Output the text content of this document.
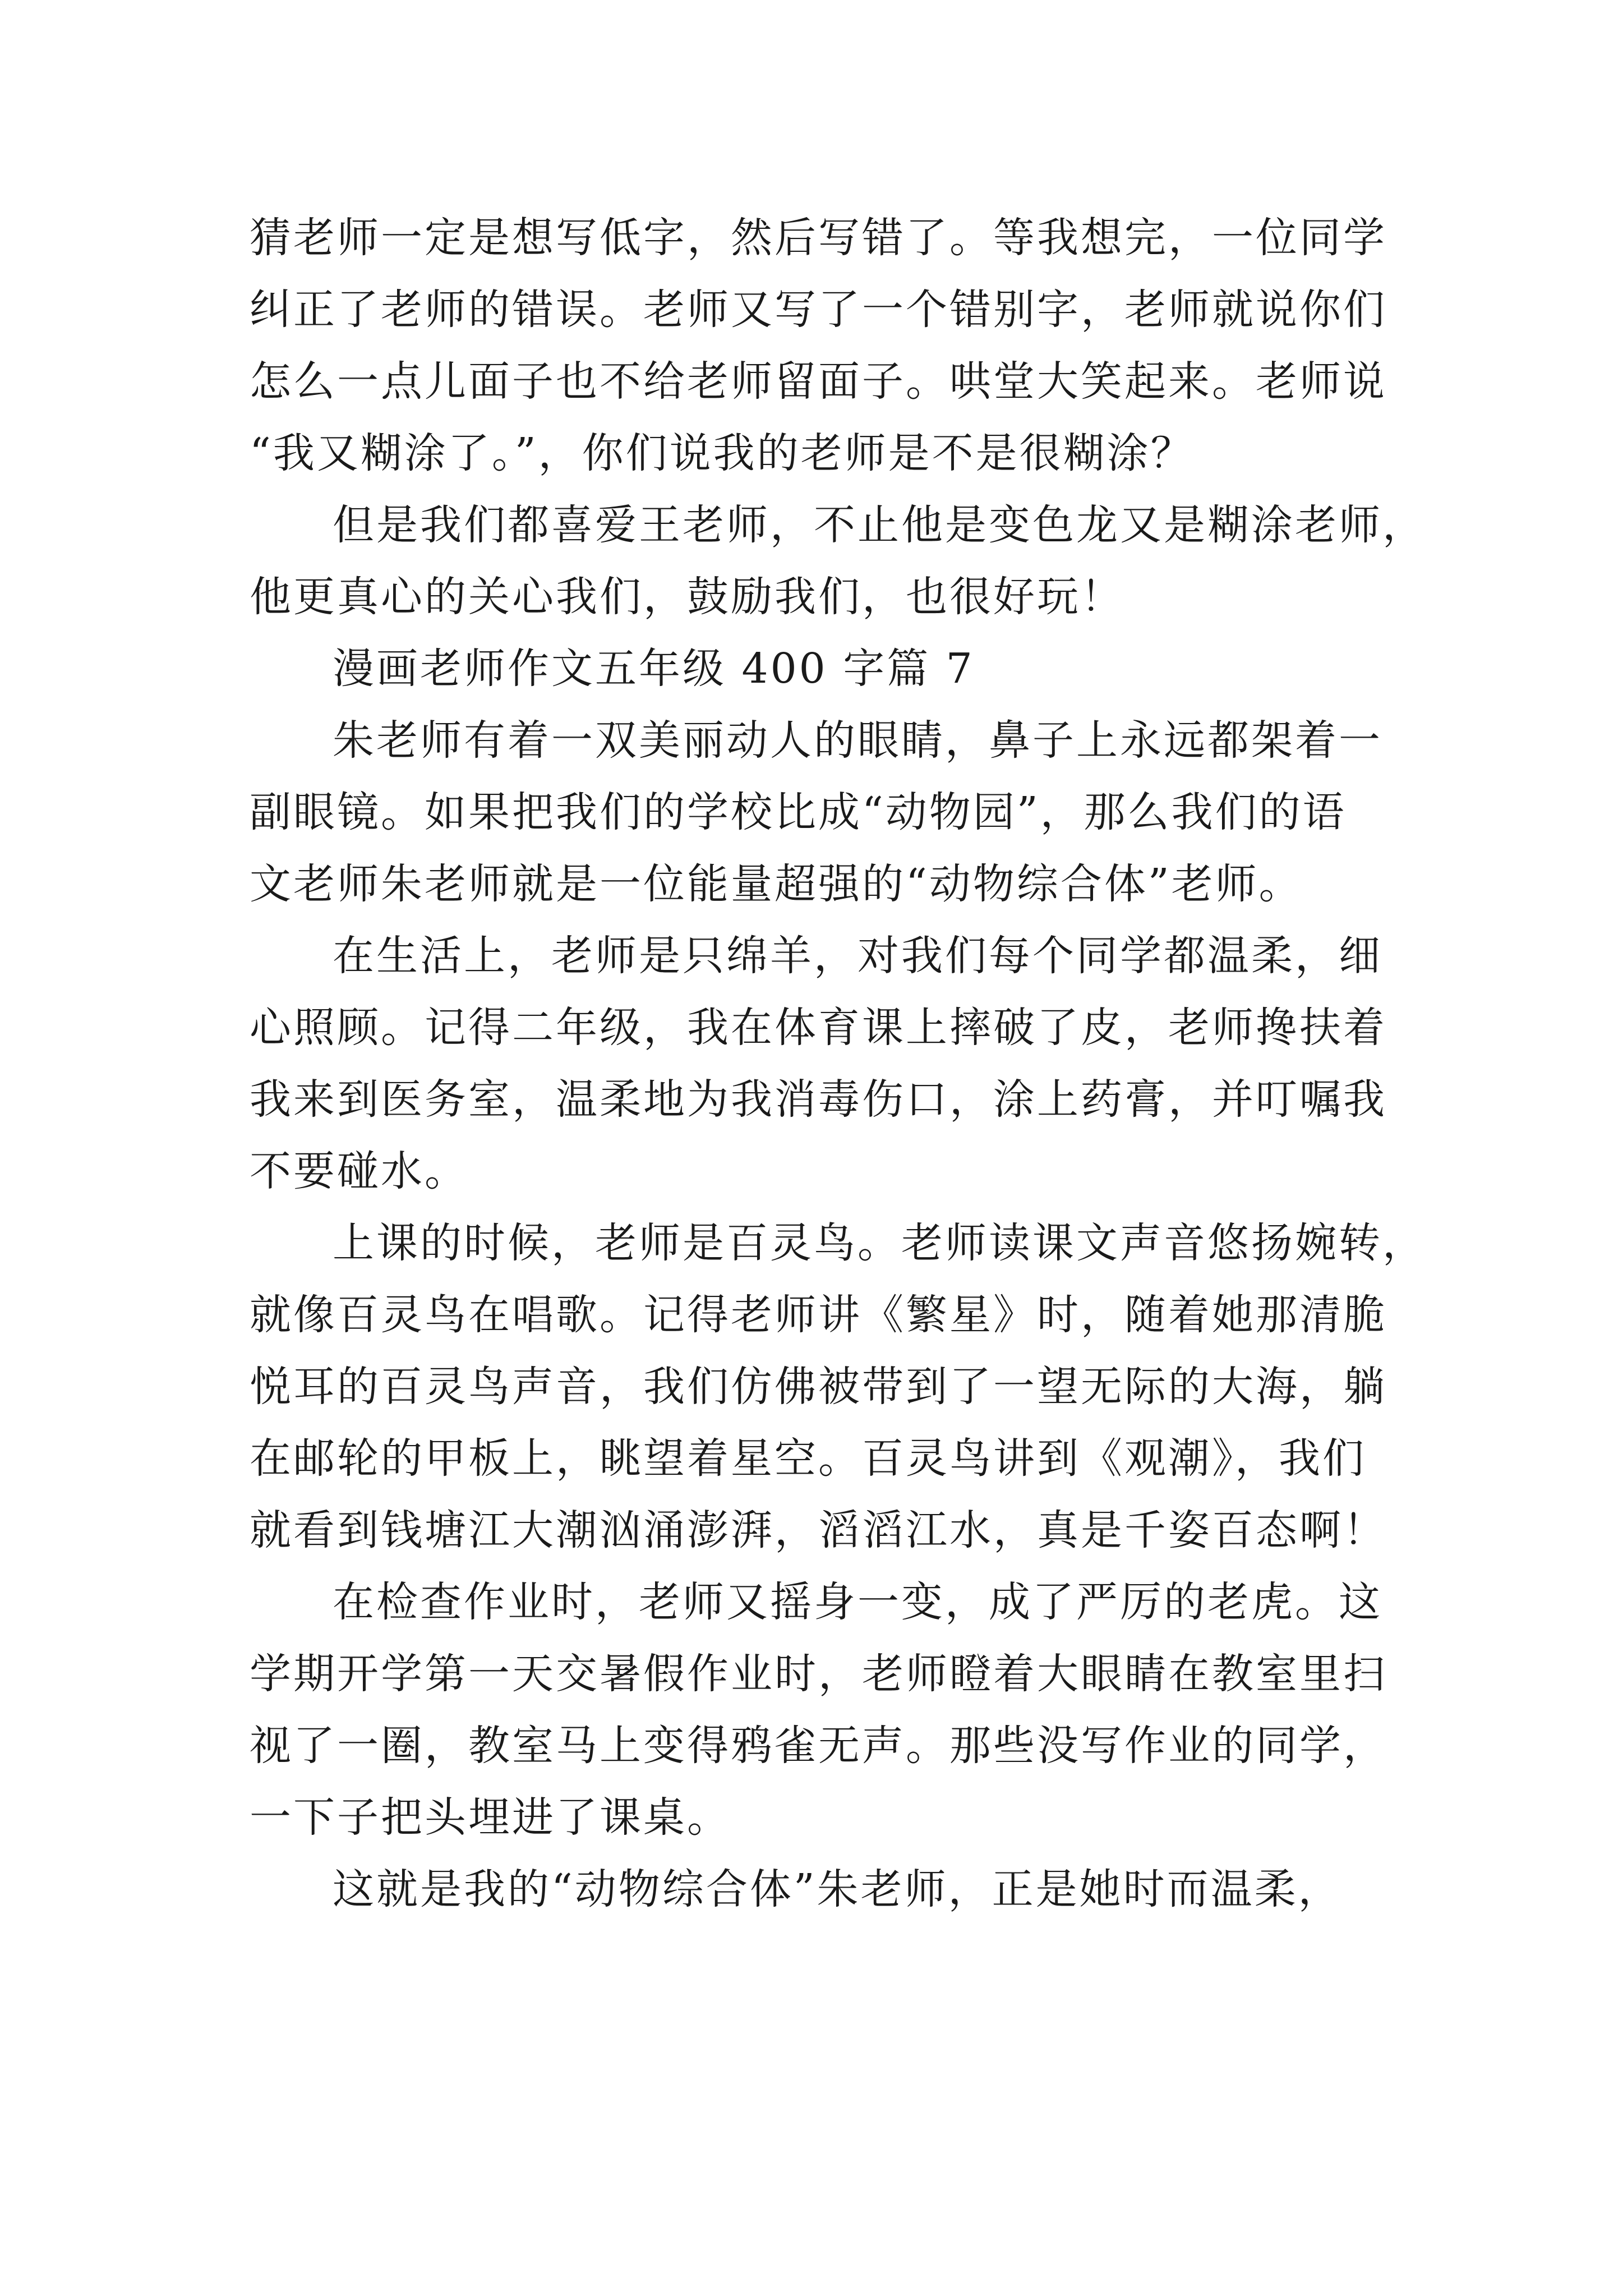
猜老师一定是想写低字，然后写错了。等我想完，一位同学
纠正了老师的错误。老师又写了一个错别字，老师就说你们
怎么一点儿面子也不给老师留面子。哄堂大笑起来。老师说
“我又糊涂了。”，你们说我的老师是不是很糊涂？
但是我们都喜爱王老师，不止他是变色龙又是糊涂老师，
他更真心的关心我们，鼓励我们，也很好玩！
漫画老师作文五年级 400 字篇 7
朱老师有着一双美丽动人的眼睛，鼻子上永远都架着一
副眼镜。如果把我们的学校比成“动物园”，那么我们的语
文老师朱老师就是一位能量超强的“动物综合体”老师。
在生活上，老师是只绵羊，对我们每个同学都温柔，细
心照顾。记得二年级，我在体育课上摔破了皮，老师搀扶着
我来到医务室，温柔地为我消毒伤口，涂上药膏，并叮嘱我
不要碰水。
上课的时候，老师是百灵鸟。老师读课文声音悠扬婉转，
就像百灵鸟在唱歌。记得老师讲《繁星》时，随着她那清脆
悦耳的百灵鸟声音，我们仿佛被带到了一望无际的大海，躺
在邮轮的甲板上，眺望着星空。百灵鸟讲到《观潮》，我们
就看到钱塘江大潮汹涌澎湃，滔滔江水，真是千姿百态啊！
在检查作业时，老师又摇身一变，成了严厉的老虎。这
学期开学第一天交暑假作业时，老师瞪着大眼睛在教室里扫
视了一圈，教室马上变得鸦雀无声。那些没写作业的同学，
一下子把头埋进了课桌。
这就是我的“动物综合体”朱老师，正是她时而温柔，
